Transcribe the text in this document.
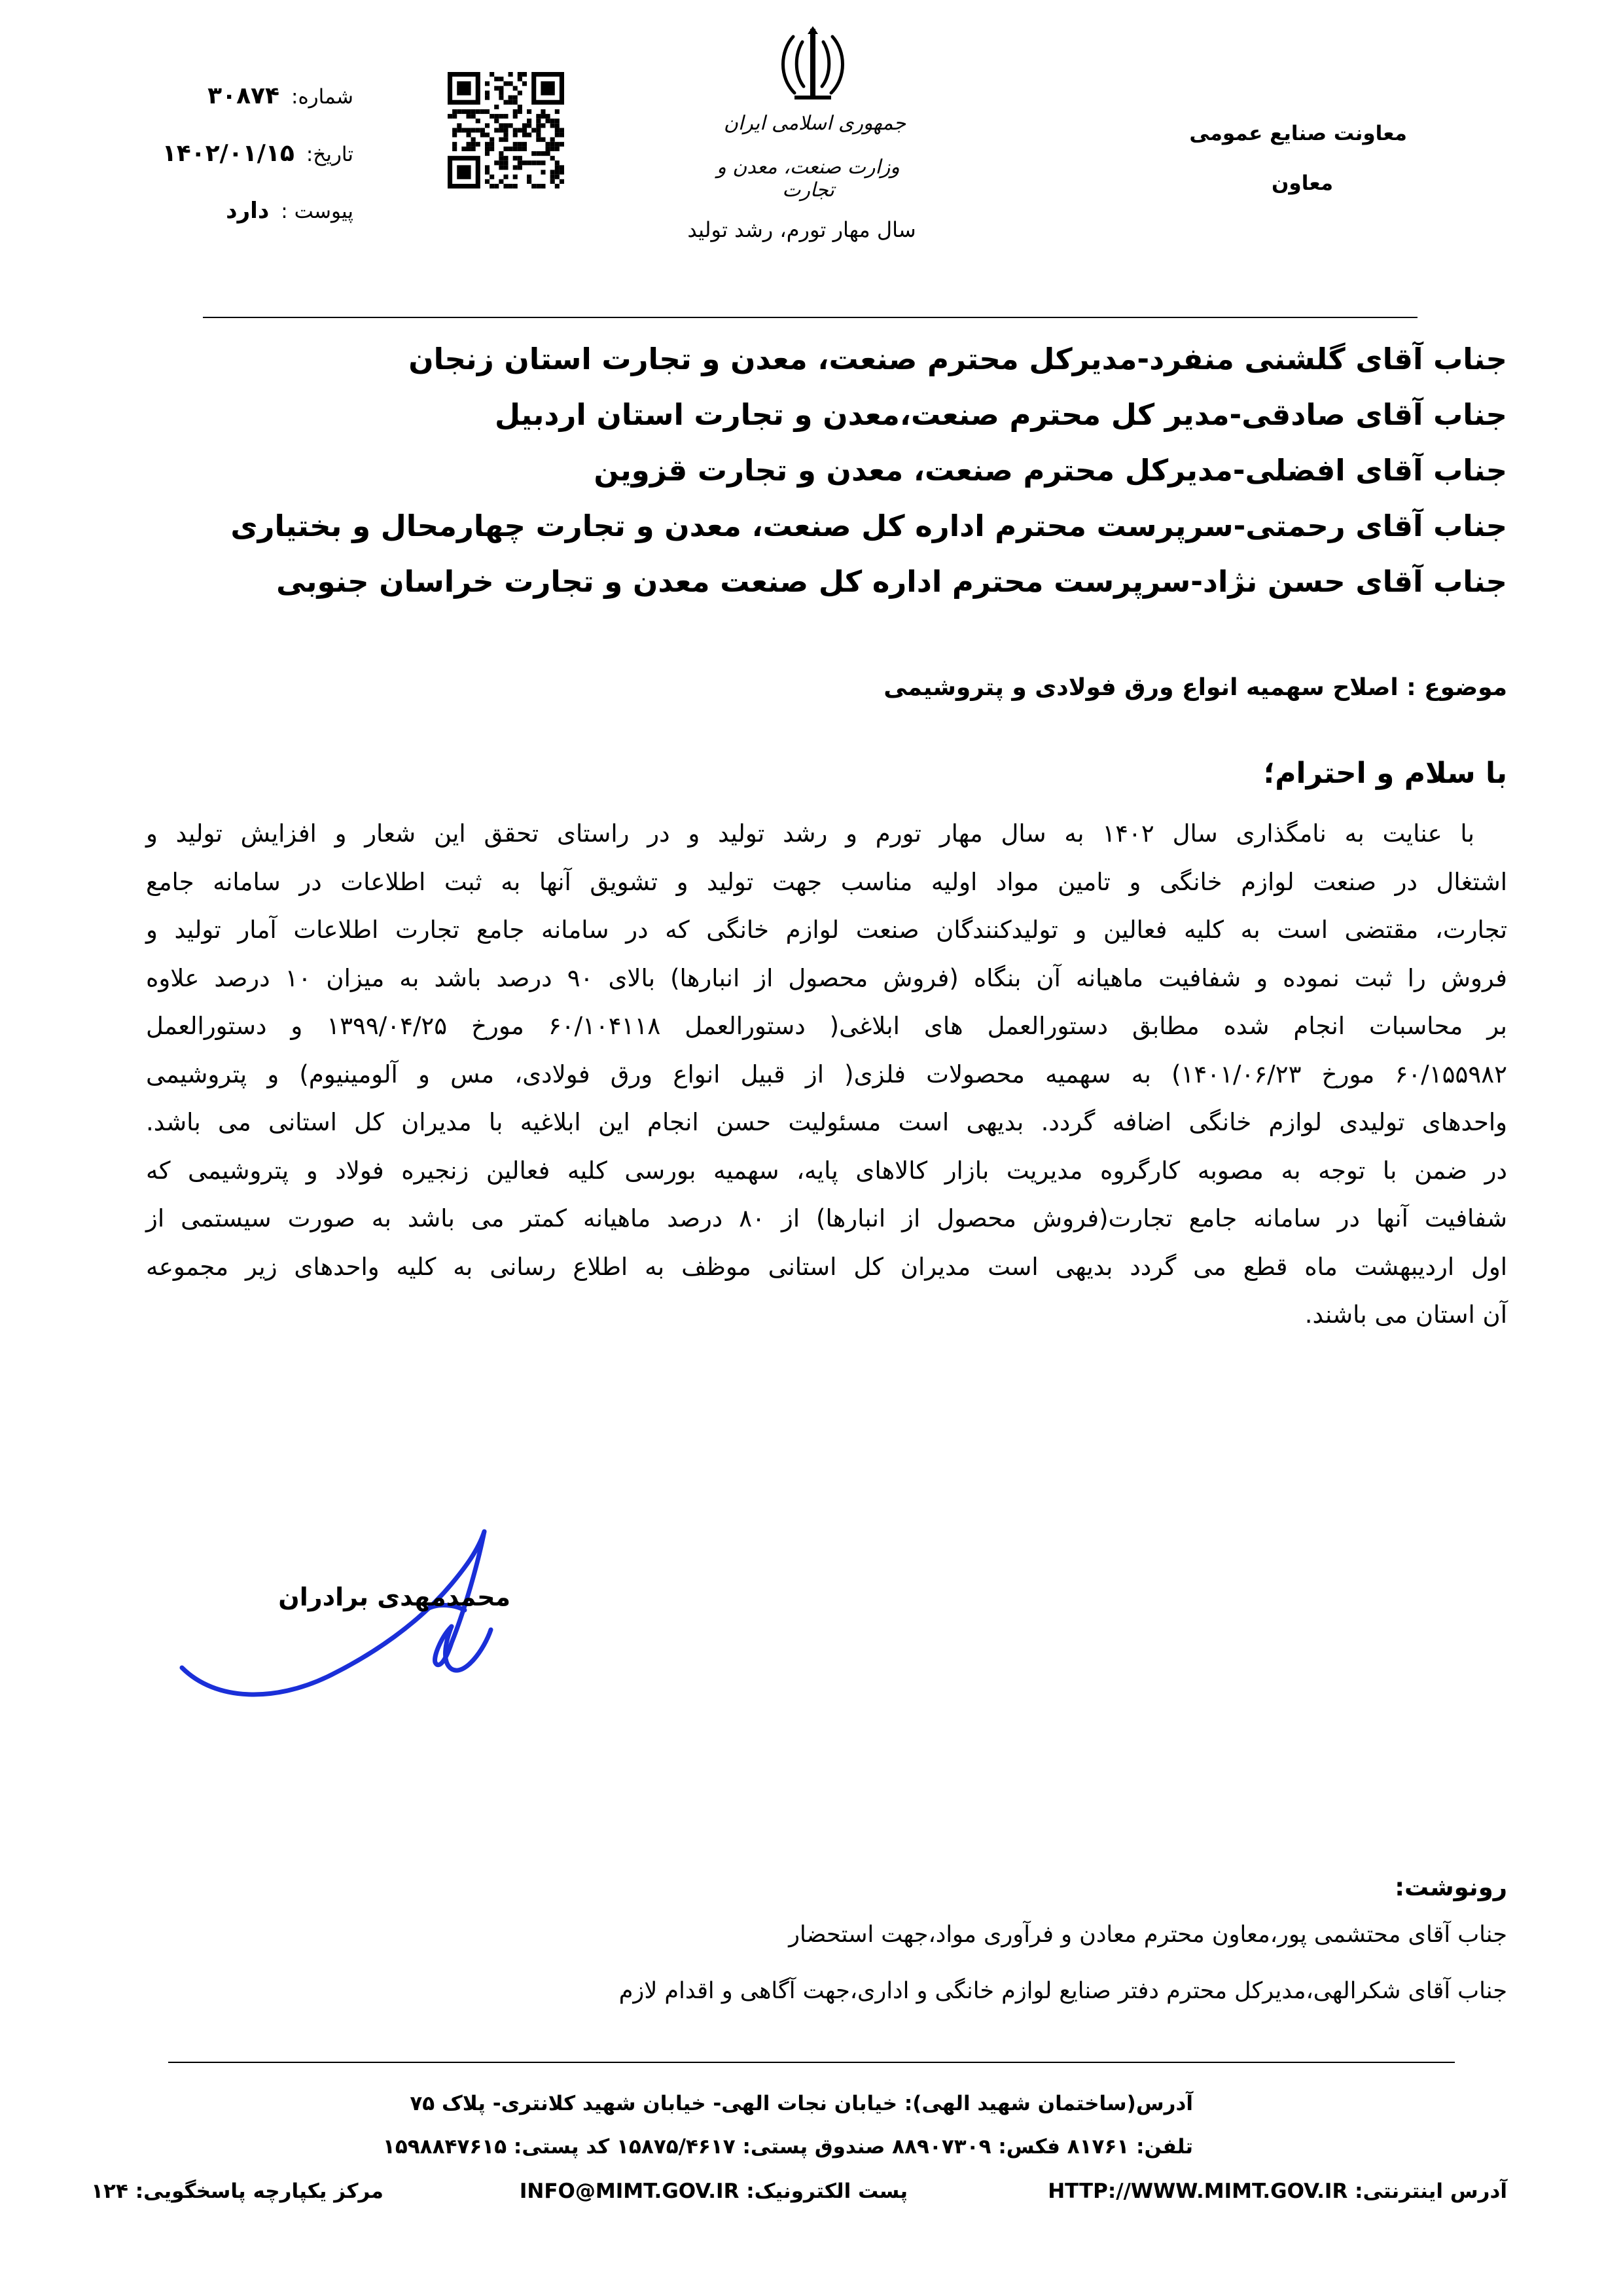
شماره:۳۰۸۷۴
تاریخ:۱۴۰۲/۰۱/۱۵
پیوست :دارد
جمهوری اسلامی ایران
وزارت صنعت، معدن و تجارت
سال مهار تورم، رشد تولید
معاونت صنایع عمومی
معاون
جناب آقای گلشنی منفرد-مدیرکل محترم صنعت، معدن و تجارت استان زنجان
جناب آقای صادقی-مدیر کل محترم صنعت،معدن و تجارت استان اردبیل
جناب آقای افضلی-مدیرکل محترم صنعت، معدن و تجارت قزوین
جناب آقای رحمتی-سرپرست محترم اداره کل صنعت، معدن و تجارت چهارمحال و بختیاری
جناب آقای حسن نژاد-سرپرست محترم اداره کل صنعت معدن و تجارت خراسان جنوبی
موضوع : اصلاح سهمیه انواع ورق فولادی و پتروشیمی
با سلام و احترام؛
با عنایت به نامگذاری سال ۱۴۰۲ به سال مهار تورم و رشد تولید و در راستای تحقق این شعار و افزایش تولید و
اشتغال در صنعت لوازم خانگی و تامین مواد اولیه مناسب جهت تولید و تشویق آنها به ثبت اطلاعات در سامانه جامع
تجارت، مقتضی است به کلیه فعالین و تولیدکنندگان صنعت لوازم خانگی که در سامانه جامع تجارت اطلاعات آمار تولید و
فروش را ثبت نموده و شفافیت ماهیانه آن بنگاه (فروش محصول از انبارها) بالای ۹۰ درصد باشد به میزان ۱۰ درصد علاوه
بر محاسبات انجام شده مطابق دستورالعمل های ابلاغی( دستورالعمل ۶۰/۱۰۴۱۱۸ مورخ ۱۳۹۹/۰۴/۲۵ و دستورالعمل
۶۰/۱۵۵۹۸۲ مورخ ۱۴۰۱/۰۶/۲۳) به سهمیه محصولات فلزی( از قبیل انواع ورق فولادی، مس و آلومینیوم) و پتروشیمی
واحدهای تولیدی لوازم خانگی اضافه گردد. بدیهی است مسئولیت حسن انجام این ابلاغیه با مدیران کل استانی می باشد.
در ضمن با توجه به مصوبه کارگروه مدیریت بازار کالاهای پایه، سهمیه بورسی کلیه فعالین زنجیره فولاد و پتروشیمی که
شفافیت آنها در سامانه جامع تجارت(فروش محصول از انبارها) از ۸۰ درصد ماهیانه کمتر می باشد به صورت سیستمی از
اول اردیبهشت ماه قطع می گردد بدیهی است مدیران کل استانی موظف به اطلاع رسانی به کلیه واحدهای زیر مجموعه
آن استان می باشند.
محمدمهدی برادران
رونوشت:
جناب آقای محتشمی پور،معاون محترم معادن و فرآوری مواد،جهت استحضار
جناب آقای شکرالهی،مدیرکل محترم دفتر صنایع لوازم خانگی و اداری،جهت آگاهی و اقدام لازم
آدرس(ساختمان شهید الهی): خیابان نجات الهی- خیابان شهید کلانتری- پلاک ۷۵
تلفن: ۸۱۷۶۱ فکس: ۸۸۹۰۷۳۰۹ صندوق پستی: ۱۵۸۷۵/۴۶۱۷ کد پستی: ۱۵۹۸۸۴۷۶۱۵
آدرس اینترنتی: HTTP://WWW.MIMT.GOV.IR
پست الکترونیک: INFO@MIMT.GOV.IR
مرکز یکپارچه پاسخگویی: ۱۲۴
